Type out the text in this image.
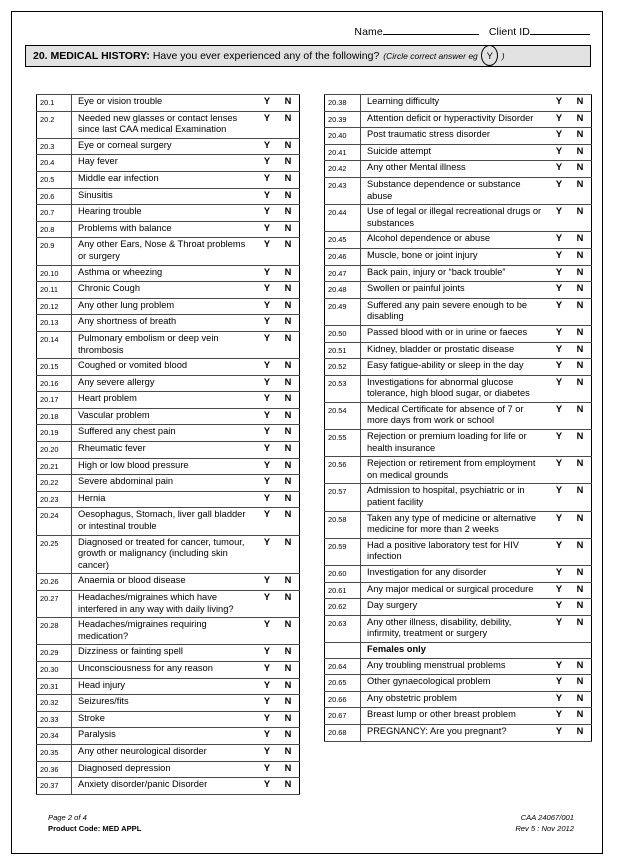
Name	Client ID
20. MEDICAL HISTORY:
Have you ever experienced any of the following? (Circle correct answer eg Y )
20.1	Eye or vision trouble	Y	N
20.2	Needed new glasses or contact lenses since last CAA medical Examination	Y	N
20.3	Eye or corneal surgery	Y	N
20.4	Hay fever	Y	N
20.5	Middle ear infection	Y	N
20.6	Sinusitis	Y	N
20.7	Hearing trouble	Y	N
20.8	Problems with balance	Y	N
20.9	Any other Ears, Nose & Throat problems or surgery	Y	N
20.10	Asthma or wheezing	Y	N
20.11	Chronic Cough	Y	N
20.12	Any other lung problem	Y	N
20.13	Any shortness of breath	Y	N
20.14	Pulmonary embolism or deep vein thrombosis	Y	N
20.15	Coughed or vomited blood	Y	N
20.16	Any severe allergy	Y	N
20.17	Heart problem	Y	N
20.18	Vascular problem	Y	N
20.19	Suffered any chest pain	Y	N
20.20	Rheumatic fever	Y	N
20.21	High or low blood pressure	Y	N
20.22	Severe abdominal pain	Y	N
20.23	Hernia	Y	N
20.24	Oesophagus, Stomach, liver gall bladder or intestinal trouble	Y	N
20.25	Diagnosed or treated for cancer, tumour, growth or malignancy (including skin cancer)	Y	N
20.26	Anaemia or blood disease	Y	N
20.27	Headaches/migraines which have interfered in any way with daily living?	Y	N
20.28	Headaches/migraines requiring medication?	Y	N
20.29	Dizziness or fainting spell	Y	N
20.30	Unconsciousness for any reason	Y	N
20.31	Head injury	Y	N
20.32	Seizures/fits	Y	N
20.33	Stroke	Y	N
20.34	Paralysis	Y	N
20.35	Any other neurological disorder	Y	N
20.36	Diagnosed depression	Y	N
20.37	Anxiety disorder/panic Disorder	Y	N
20.38	Learning difficulty	Y	N
20.39	Attention deficit or hyperactivity Disorder	Y	N
20.40	Post traumatic stress disorder	Y	N
20.41	Suicide attempt	Y	N
20.42	Any other Mental illness	Y	N
20.43	Substance dependence or substance abuse	Y	N
20.44	Use of legal or illegal recreational drugs or substances	Y	N
20.45	Alcohol dependence or abuse	Y	N
20.46	Muscle, bone or joint injury	Y	N
20.47	Back pain, injury or “back trouble”	Y	N
20.48	Swollen or painful joints	Y	N
20.49	Suffered any pain severe enough to be disabling	Y	N
20.50	Passed blood with or in urine or faeces	Y	N
20.51	Kidney, bladder or prostatic disease	Y	N
20.52	Easy fatigue-ability or sleep in the day	Y	N
20.53	Investigations for abnormal glucose tolerance, high blood sugar, or diabetes	Y	N
20.54	Medical Certificate for absence of 7 or more days from work or school	Y	N
20.55	Rejection or premium loading for life or health insurance	Y	N
20.56	Rejection or retirement from employment on medical grounds	Y	N
20.57	Admission to hospital, psychiatric or in patient facility	Y	N
20.58	Taken any type of medicine or alternative medicine for more than 2 weeks	Y	N
20.59	Had a positive laboratory test for HIV infection	Y	N
20.60	Investigation for any disorder	Y	N
20.61	Any major medical or surgical procedure	Y	N
20.62	Day surgery	Y	N
20.63	Any other illness, disability, debility, infirmity, treatment or surgery	Y	N
	Females only		
20.64	Any troubling menstrual problems	Y	N
20.65	Other gynaecological problem	Y	N
20.66	Any obstetric problem	Y	N
20.67	Breast lump or other breast problem	Y	N
20.68	PREGNANCY: Are you pregnant?	Y	N
Page 2 of 4
Product Code: MED APPL
CAA 24067/001
Rev 5 : Nov 2012
